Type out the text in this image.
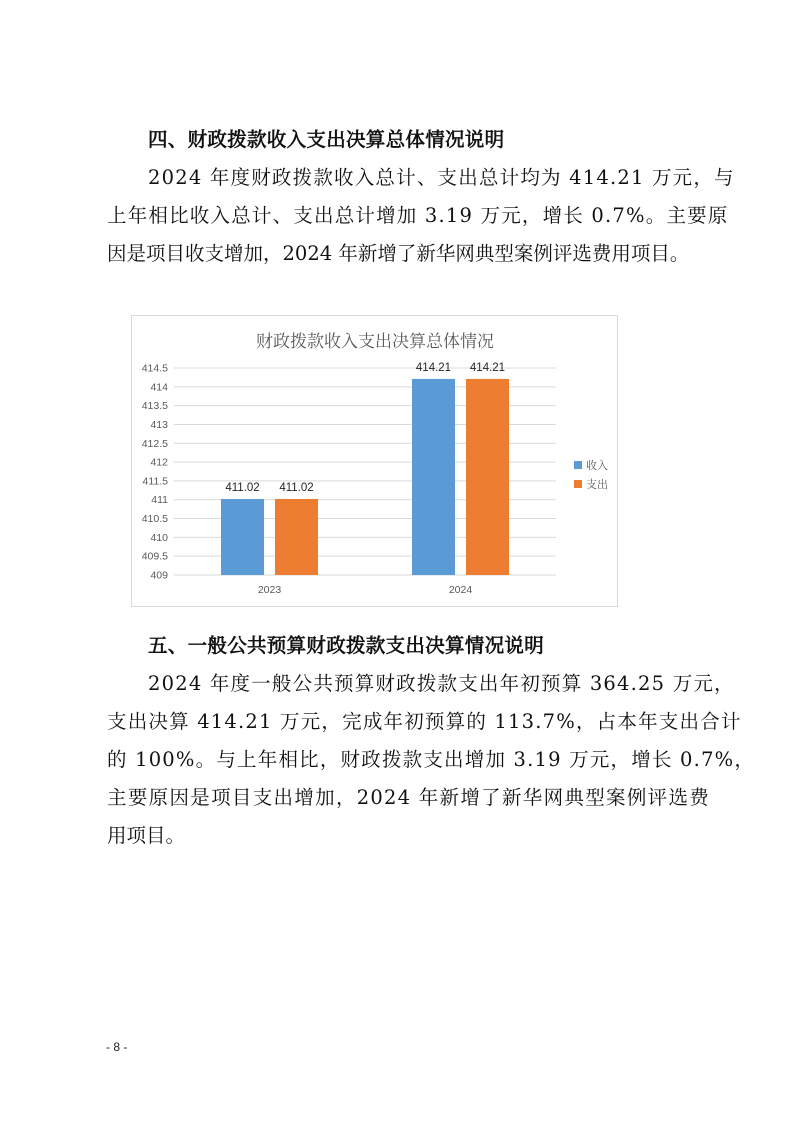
四、财政拨款收入支出决算总体情况说明
2024 年度财政拨款收入总计、支出总计均为 414.21 万元，与
上年相比收入总计、支出总计增加 3.19 万元，增长 0.7%。主要原
因是项目收支增加，2024 年新增了新华网典型案例评选费用项目。
财政拨款收入支出决算总体情况
409
409.5
410
410.5
411
411.5
412
412.5
413
413.5
414
414.5
411.02 411.02
2023
414.21 414.21
2024
收入
支出
五、一般公共预算财政拨款支出决算情况说明
2024 年度一般公共预算财政拨款支出年初预算 364.25 万元，
支出决算 414.21 万元，完成年初预算的 113.7%，占本年支出合计
的 100%。与上年相比，财政拨款支出增加 3.19 万元，增长 0.7%，
主要原因是项目支出增加，2024 年新增了新华网典型案例评选费
用项目。
- 8 -
